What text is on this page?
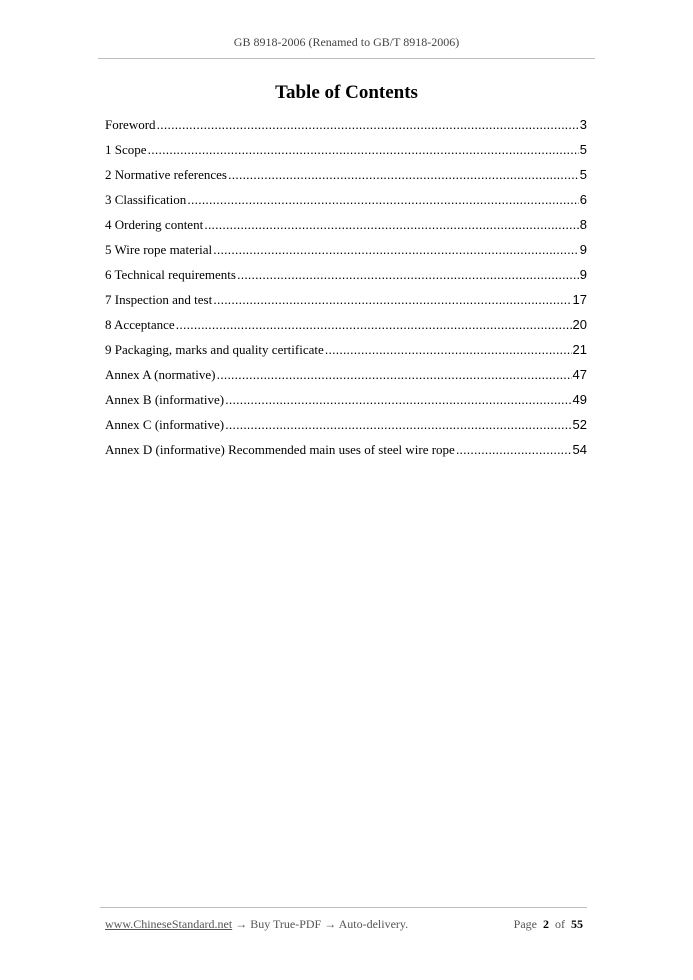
GB 8918-2006 (Renamed to GB/T 8918-2006)
Table of Contents
Foreword .....	3
1 Scope .....	5
2 Normative references .....	5
3 Classification .....	6
4 Ordering content .....	8
5 Wire rope material .....	9
6 Technical requirements .....	9
7 Inspection and test .....	17
8 Acceptance .....	20
9 Packaging, marks and quality certificate .....	21
Annex A (normative) .....	47
Annex B (informative) .....	49
Annex C (informative) .....	52
Annex D (informative) Recommended main uses of steel wire rope .....	54
www.ChineseStandard.net → Buy True-PDF → Auto-delivery.	Page 2 of 55
